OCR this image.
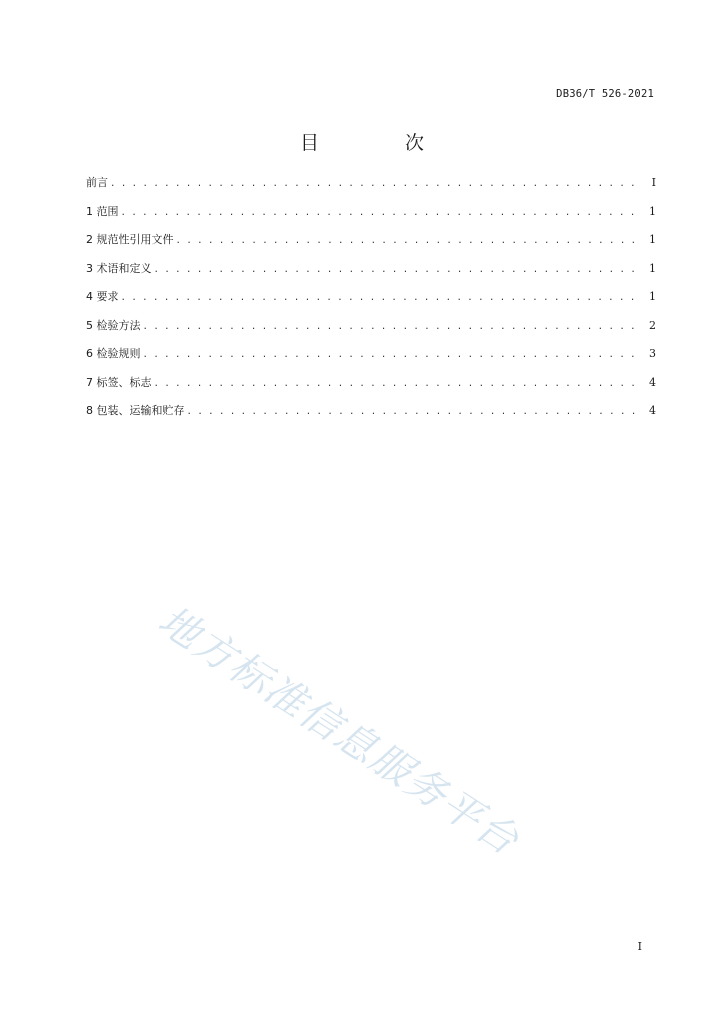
DB36/T 526-2021
目 次
前言 . . .	I
1 范围 . . .	1
2 规范性引用文件 . . .	1
3 术语和定义 . . .	1
4 要求 . . .	1
5 检验方法 . . .	2
6 检验规则 . . .	3
7 标签、标志 . . .	4
8 包装、运输和贮存 . . .	4
地方标准信息服务平台
I
